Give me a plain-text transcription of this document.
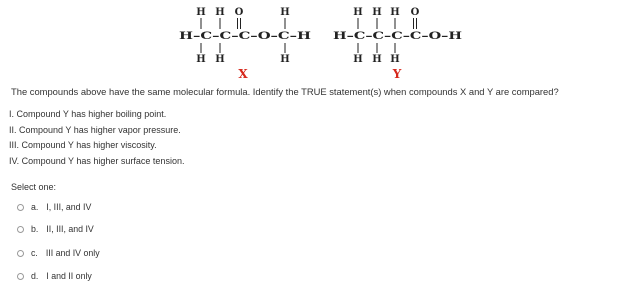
H H O	H
H–C–C–C–O–C–H
H H	H
X
H H H O
H–C–C–C–C–O–H
H H H
Y
The compounds above have the same molecular formula. Identify the TRUE statement(s) when compounds X and Y are compared?
I. Compound Y has higher boiling point.
II. Compound Y has higher vapor pressure.
III. Compound Y has higher viscosity.
IV. Compound Y has higher surface tension.
Select one:
a. I, III, and IV
b. II, III, and IV
c. III and IV only
d. I and II only
